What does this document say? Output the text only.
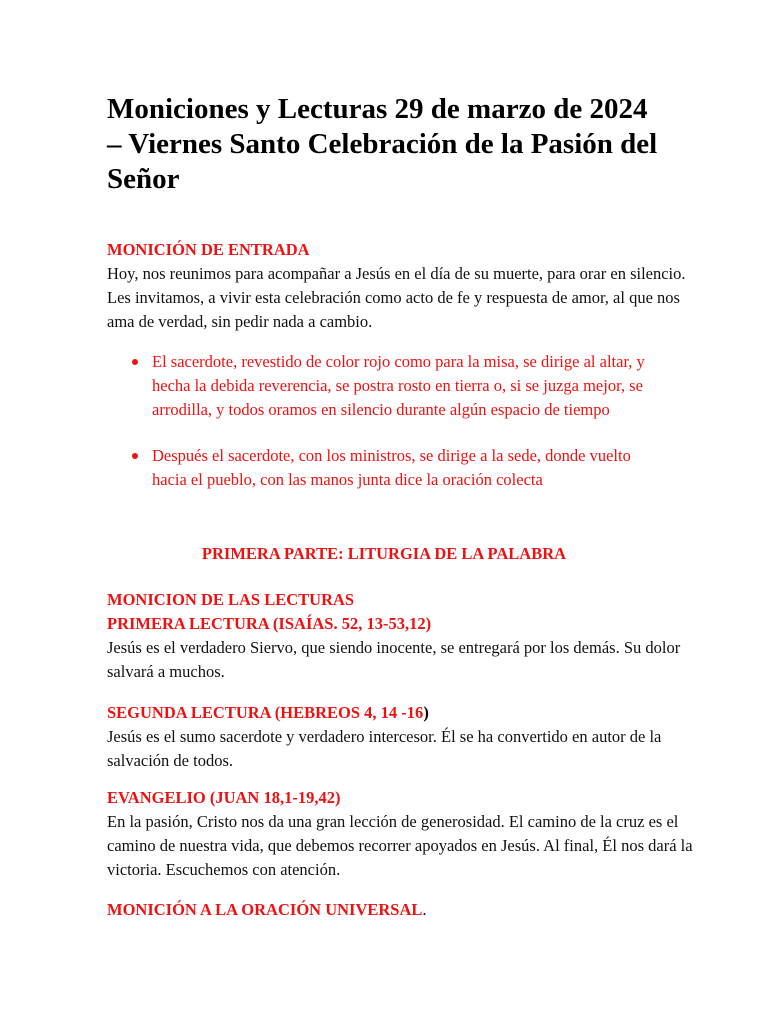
Moniciones y Lecturas 29 de marzo de 2024 – Viernes Santo Celebración de la Pasión del Señor
MONICIÓN DE ENTRADA
Hoy, nos reunimos para acompañar a Jesús en el día de su muerte, para orar en silencio. Les invitamos, a vivir esta celebración como acto de fe y respuesta de amor, al que nos ama de verdad, sin pedir nada a cambio.
El sacerdote, revestido de color rojo como para la misa, se dirige al altar, y hecha la debida reverencia, se postra rosto en tierra o, si se juzga mejor, se arrodilla, y todos oramos en silencio durante algún espacio de tiempo
Después el sacerdote, con los ministros, se dirige a la sede, donde vuelto hacia el pueblo, con las manos junta dice la oración colecta
PRIMERA PARTE: LITURGIA DE LA PALABRA
MONICION DE LAS LECTURAS
PRIMERA LECTURA (ISAÍAS. 52, 13-53,12)
Jesús es el verdadero Siervo, que siendo inocente, se entregará por los demás. Su dolor salvará a muchos.
SEGUNDA LECTURA (HEBREOS 4, 14 -16)
Jesús es el sumo sacerdote y verdadero intercesor. Él se ha convertido en autor de la salvación de todos.
EVANGELIO (JUAN 18,1-19,42)
En la pasión, Cristo nos da una gran lección de generosidad. El camino de la cruz es el camino de nuestra vida, que debemos recorrer apoyados en Jesús. Al final, Él nos dará la victoria. Escuchemos con atención.
MONICIÓN A LA ORACIÓN UNIVERSAL.
